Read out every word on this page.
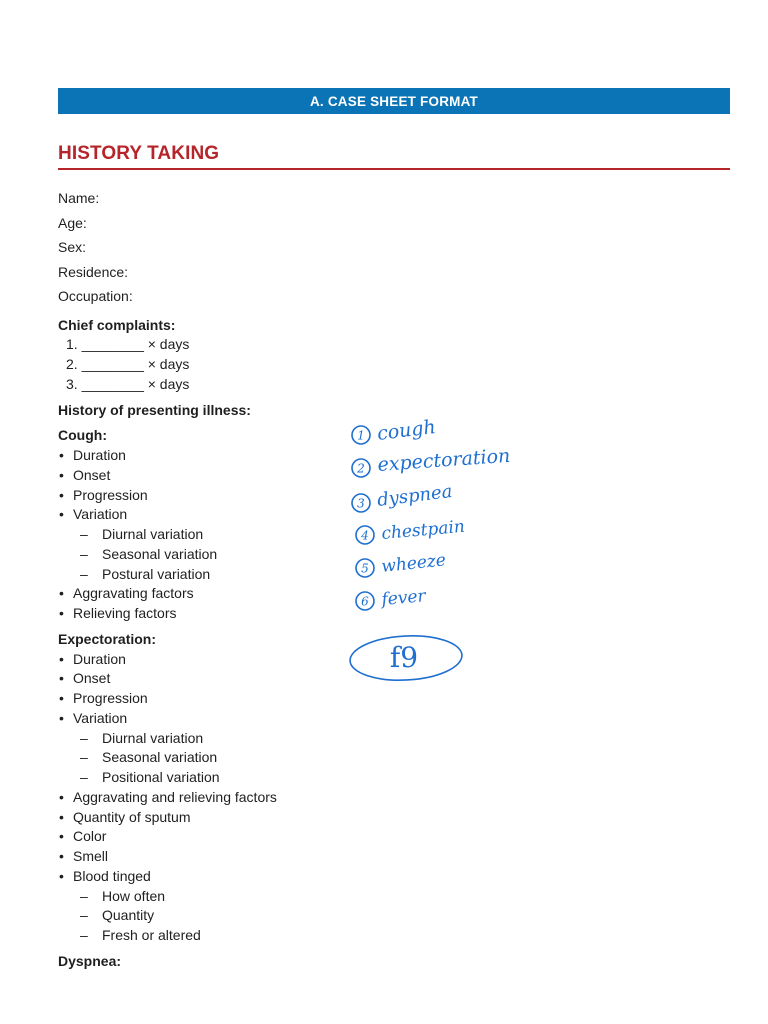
A. CASE SHEET FORMAT
HISTORY TAKING
Name:
Age:
Sex:
Residence:
Occupation:
Chief complaints:
1. ________ × days
2. ________ × days
3. ________ × days
History of presenting illness:
Cough:
• Duration
• Onset
• Progression
• Variation
– Diurnal variation
– Seasonal variation
– Postural variation
• Aggravating factors
• Relieving factors
Expectoration:
• Duration
• Onset
• Progression
• Variation
– Diurnal variation
– Seasonal variation
– Positional variation
• Aggravating and relieving factors
• Quantity of sputum
• Color
• Smell
• Blood tinged
– How often
– Quantity
– Fresh or altered
Dyspnea:
1
2
3
4
5
6
cough
expectoration
dyspnea
chestpain
wheeze
fever
f9
